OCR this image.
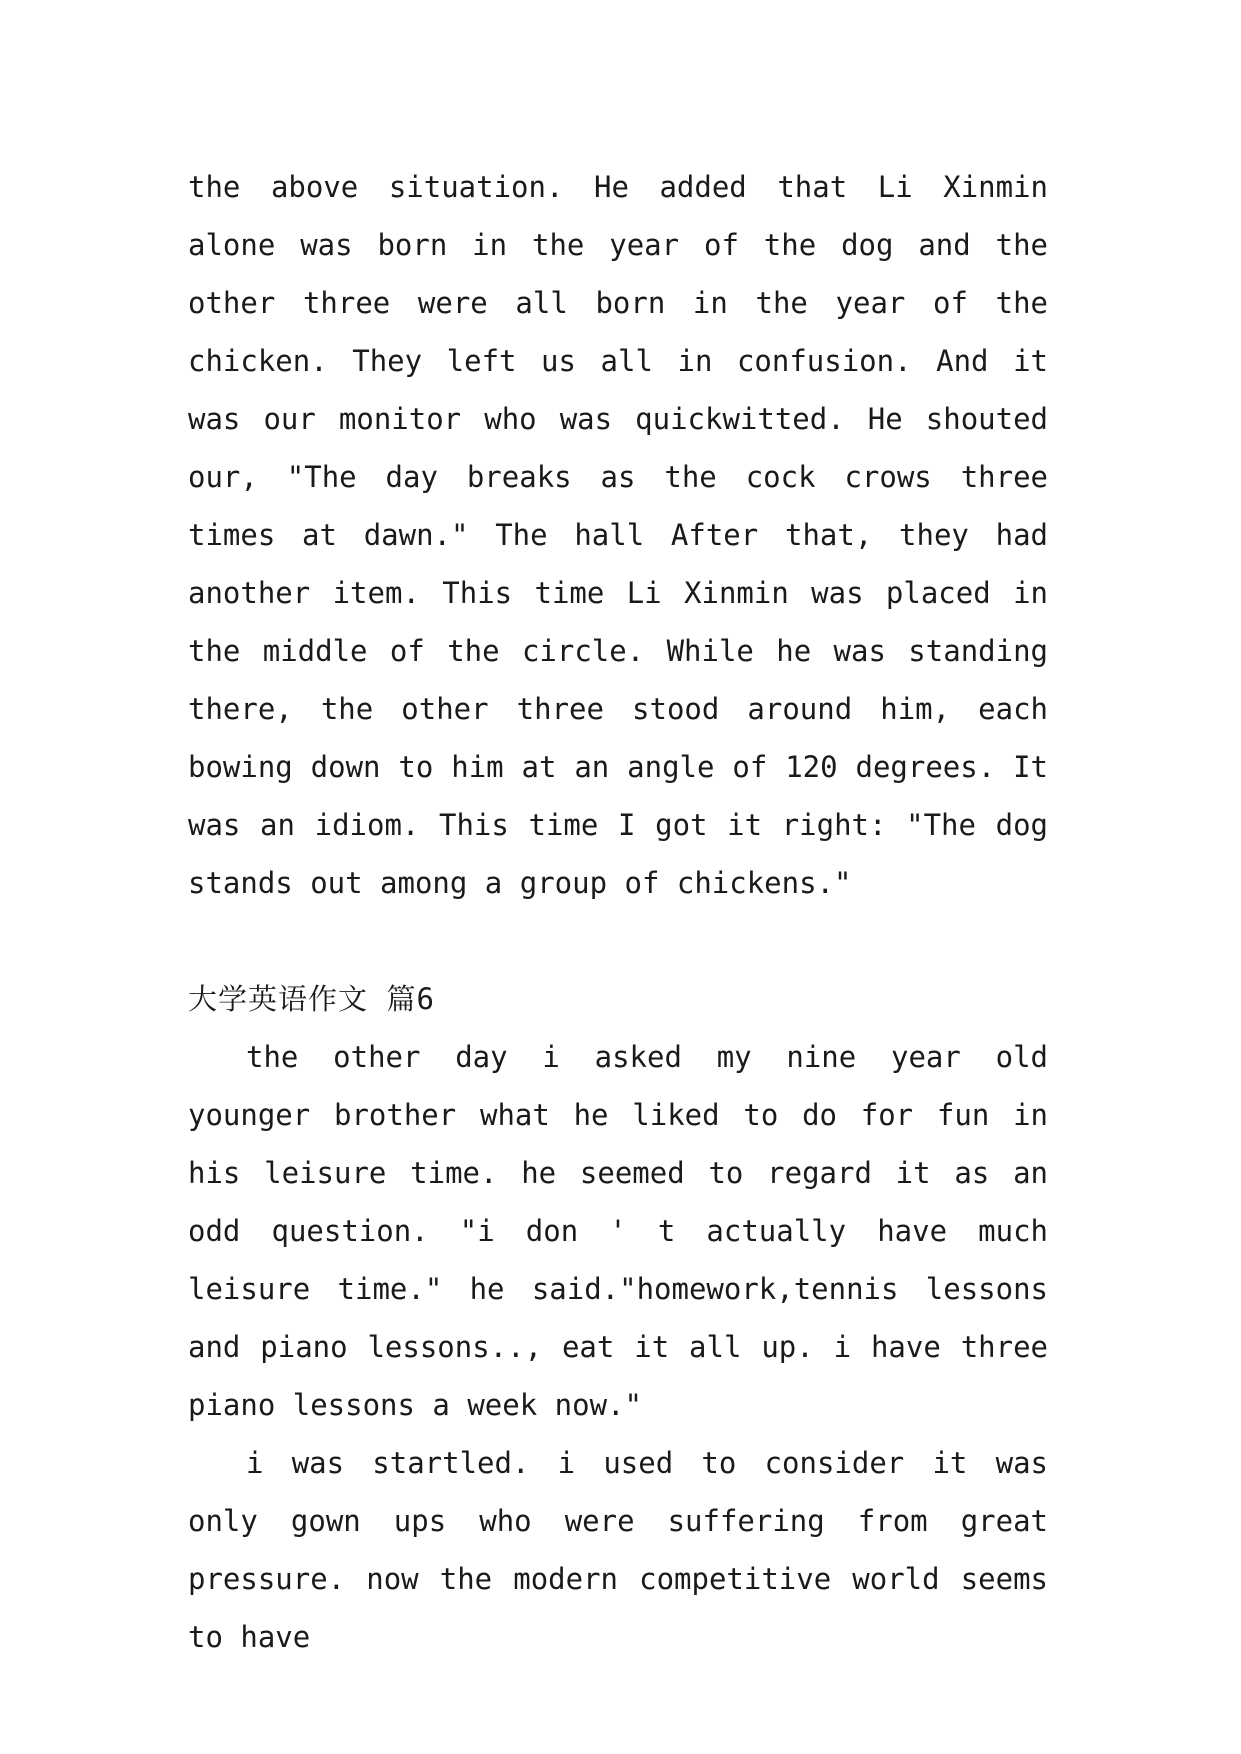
the above situation. He added that Li Xinmin alone was born in the year of the dog and the other three were all born in the year of the chicken. They left us all in confusion. And it was our monitor who was quickwitted. He shouted our, "The day breaks as the cock crows three times at dawn." The hall After that, they had another item. This time Li Xinmin was placed in the middle of the circle. While he was standing there, the other three stood around him, each bowing down to him at an angle of 120 degrees. It was an idiom. This time I got it right: "The dog stands out among a group of chickens."

大学英语作文 篇6

the other day i asked my nine year old younger brother what he liked to do for fun in his leisure time. he seemed to regard it as an odd question. "i don ' t actually have much leisure time." he said."homework,tennis lessons and piano lessons.., eat it all up. i have three piano lessons a week now."

i was startled. i used to consider it was only gown ups who were suffering from great pressure. now the modern competitive world seems to have
